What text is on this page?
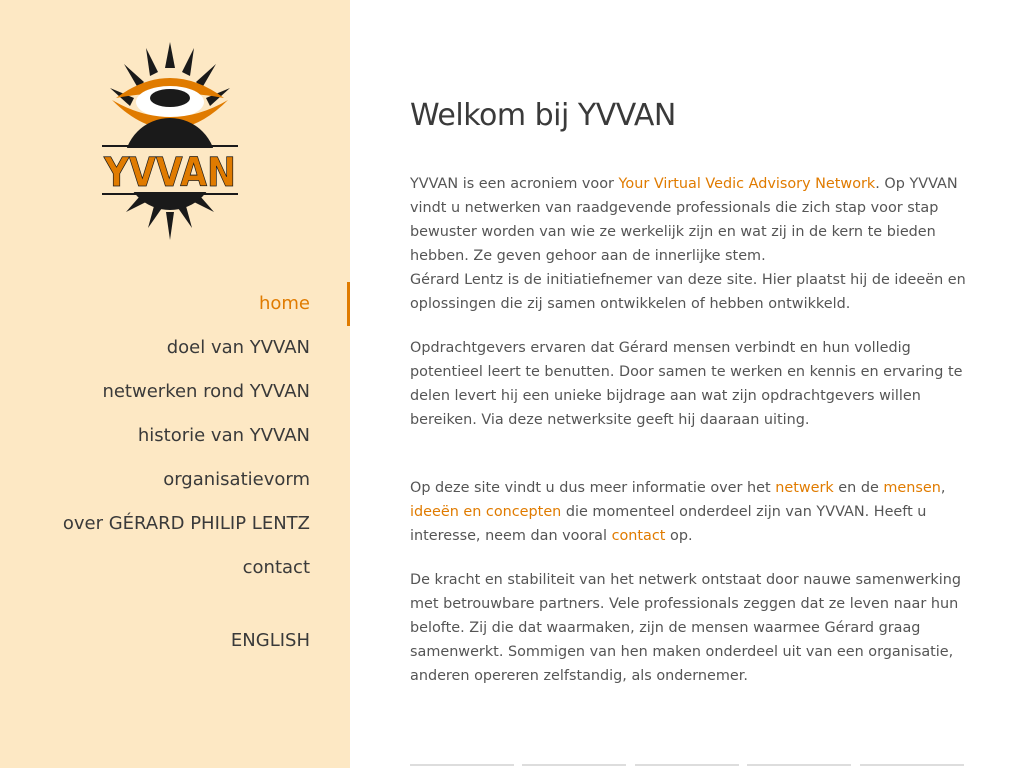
YVVAN
home
doel van YVVAN
netwerken rond YVVAN
historie van YVVAN
organisatievorm
over GÉRARD PHILIP LENTZ
contact
ENGLISH
Welkom bij YVVAN

YVVAN is een acroniem voor Your Virtual Vedic Advisory Network. Op YVVAN vindt u netwerken van raadgevende professionals die zich stap voor stap bewuster worden van wie ze werkelijk zijn en wat zij in de kern te bieden hebben. Ze geven gehoor aan de innerlijke stem.
Gérard Lentz is de initiatiefnemer van deze site. Hier plaatst hij de ideeën en oplossingen die zij samen ontwikkelen of hebben ontwikkeld.

Opdrachtgevers ervaren dat Gérard mensen verbindt en hun volledig potentieel leert te benutten. Door samen te werken en kennis en ervaring te delen levert hij een unieke bijdrage aan wat zijn opdrachtgevers willen bereiken. Via deze netwerksite geeft hij daaraan uiting.

Op deze site vindt u dus meer informatie over het netwerk en de mensen, ideeën en concepten die momenteel onderdeel zijn van YVVAN. Heeft u interesse, neem dan vooral contact op.

De kracht en stabiliteit van het netwerk ontstaat door nauwe samenwerking met betrouwbare partners. Vele professionals zeggen dat ze leven naar hun belofte. Zij die dat waarmaken, zijn de mensen waarmee Gérard graag samenwerkt. Sommigen van hen maken onderdeel uit van een organisatie, anderen opereren zelfstandig, als ondernemer.
